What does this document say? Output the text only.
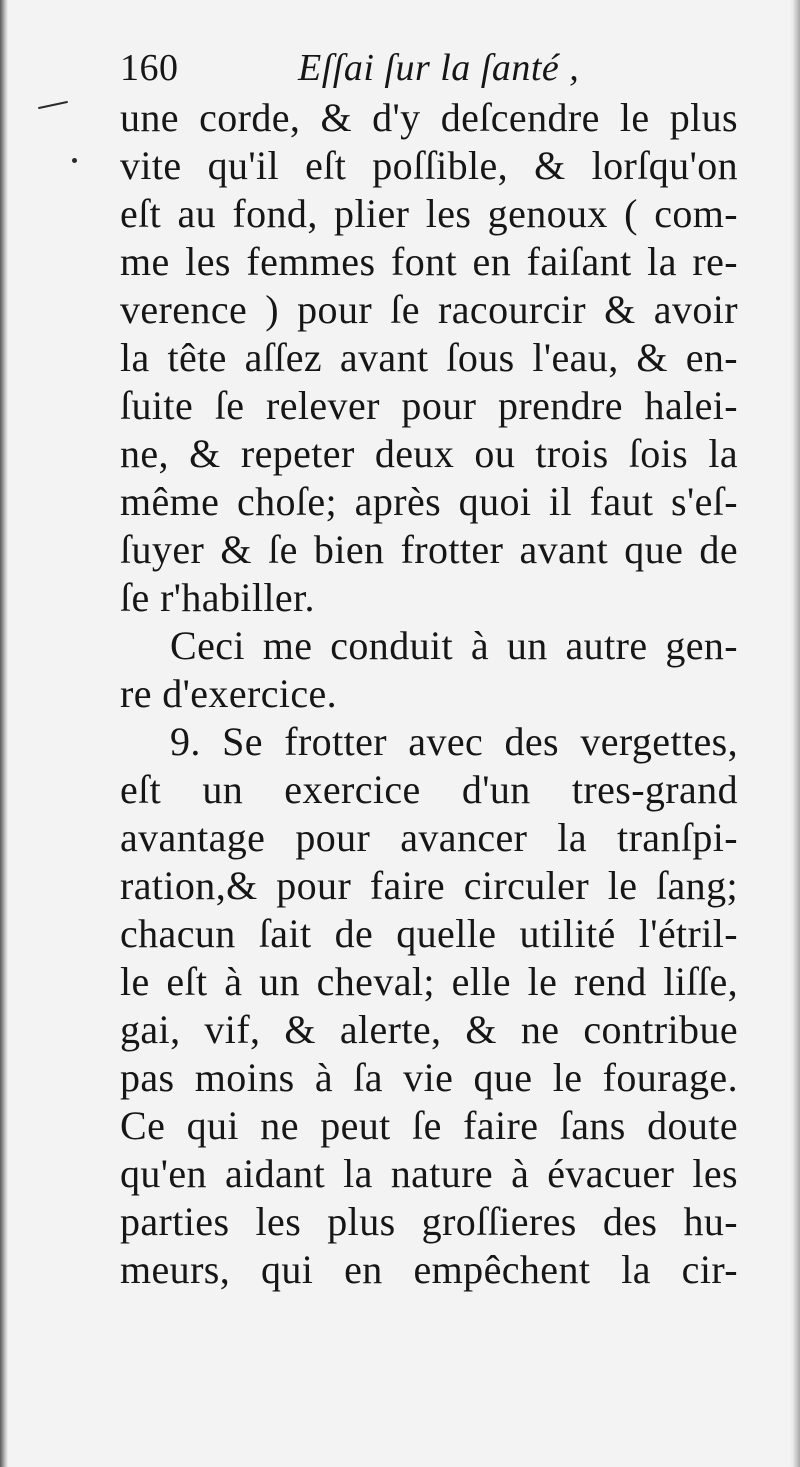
160	Eſſai ſur la ſanté ,
une corde, & d'y deſcendre le plus
vite qu'il eſt poſſible, & lorſqu'on
eſt au fond, plier les genoux ( com-
me les femmes font en faiſant la re-
verence ) pour ſe racourcir & avoir
la tête aſſez avant ſous l'eau, & en-
ſuite ſe relever pour prendre halei-
ne, & repeter deux ou trois ſois la
même choſe; après quoi il faut s'eſ-
ſuyer & ſe bien frotter avant que de
ſe r'habiller.
Ceci me conduit à un autre gen-
re d'exercice.
9. Se frotter avec des vergettes,
eſt un exercice d'un tres-grand
avantage pour avancer la tranſpi-
ration,& pour faire circuler le ſang;
chacun ſait de quelle utilité l'étril-
le eſt à un cheval; elle le rend liſſe,
gai, vif, & alerte, & ne contribue
pas moins à ſa vie que le fourage.
Ce qui ne peut ſe faire ſans doute
qu'en aidant la nature à évacuer les
parties les plus groſſieres des hu-
meurs, qui en empêchent la cir-
